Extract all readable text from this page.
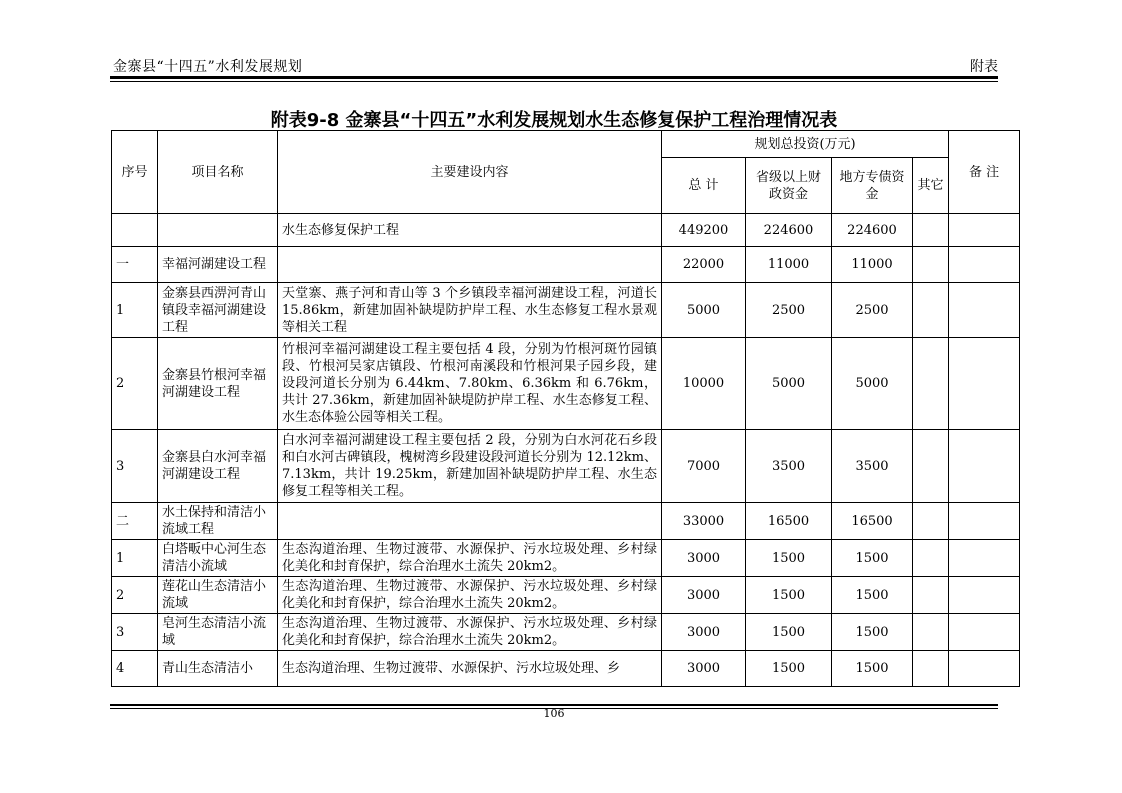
金寨县“十四五”水利发展规划	附表
附表9-8 金寨县“十四五”水利发展规划水生态修复保护工程治理情况表
序号	项目名称	主要建设内容	规划总投资(万元)				备 注
			总 计	省级以上财政资金	地方专债资金	其它	
		水生态修复保护工程	449200	224600	224600		
一	幸福河湖建设工程		22000	11000	11000		
1	金寨县西淠河青山镇段幸福河湖建设工程	天堂寨、燕子河和青山等 3 个乡镇段幸福河湖建设工程，河道长 15.86km，新建加固补缺堤防护岸工程、水生态修复工程水景观等相关工程	5000	2500	2500		
2	金寨县竹根河幸福河湖建设工程	竹根河幸福河湖建设工程主要包括 4 段，分别为竹根河斑竹园镇段、竹根河吴家店镇段、竹根河南溪段和竹根河果子园乡段，建设段河道长分别为 6.44km、7.80km、6.36km 和 6.76km，共计 27.36km，新建加固补缺堤防护岸工程、水生态修复工程、水生态体验公园等相关工程。	10000	5000	5000		
3	金寨县白水河幸福河湖建设工程	白水河幸福河湖建设工程主要包括 2 段，分别为白水河花石乡段和白水河古碑镇段，槐树湾乡段建设段河道长分别为 12.12km、7.13km，共计 19.25km，新建加固补缺堤防护岸工程、水生态修复工程等相关工程。	7000	3500	3500		
二	水土保持和清洁小流域工程		33000	16500	16500		
1	白塔畈中心河生态清洁小流域	生态沟道治理、生物过渡带、水源保护、污水垃圾处理、乡村绿化美化和封育保护，综合治理水土流失 20km2。	3000	1500	1500		
2	莲花山生态清洁小流域	生态沟道治理、生物过渡带、水源保护、污水垃圾处理、乡村绿化美化和封育保护，综合治理水土流失 20km2。	3000	1500	1500		
3	皂河生态清洁小流域	生态沟道治理、生物过渡带、水源保护、污水垃圾处理、乡村绿化美化和封育保护，综合治理水土流失 20km2。	3000	1500	1500		
4	青山生态清洁小	生态沟道治理、生物过渡带、水源保护、污水垃圾处理、乡	3000	1500	1500		
106
